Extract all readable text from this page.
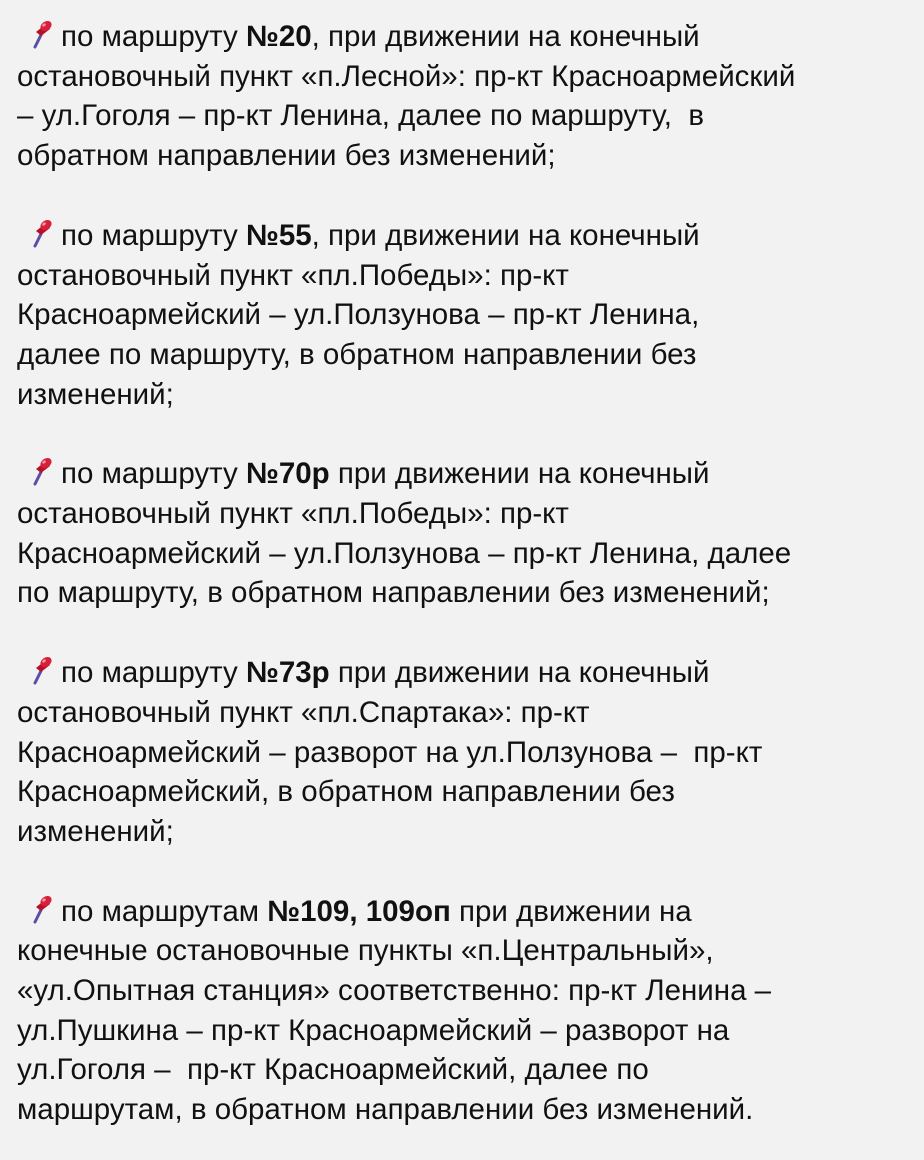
по маршруту №20, при движении на конечный
остановочный пункт «п.Лесной»: пр-кт Красноармейский
– ул.Гоголя – пр-кт Ленина, далее по маршруту,  в
обратном направлении без изменений;

по маршруту №55, при движении на конечный
остановочный пункт «пл.Победы»: пр-кт
Красноармейский – ул.Ползунова – пр-кт Ленина,
далее по маршруту, в обратном направлении без
изменений;

по маршруту №70р при движении на конечный
остановочный пункт «пл.Победы»: пр-кт
Красноармейский – ул.Ползунова – пр-кт Ленина, далее
по маршруту, в обратном направлении без изменений;

по маршруту №73р при движении на конечный
остановочный пункт «пл.Спартака»: пр-кт
Красноармейский – разворот на ул.Ползунова –  пр-кт
Красноармейский, в обратном направлении без
изменений;

по маршрутам №109, 109оп при движении на
конечные остановочные пункты «п.Центральный»,
«ул.Опытная станция» соответственно: пр-кт Ленина –
ул.Пушкина – пр-кт Красноармейский – разворот на
ул.Гоголя –  пр-кт Красноармейский, далее по
маршрутам, в обратном направлении без изменений.
